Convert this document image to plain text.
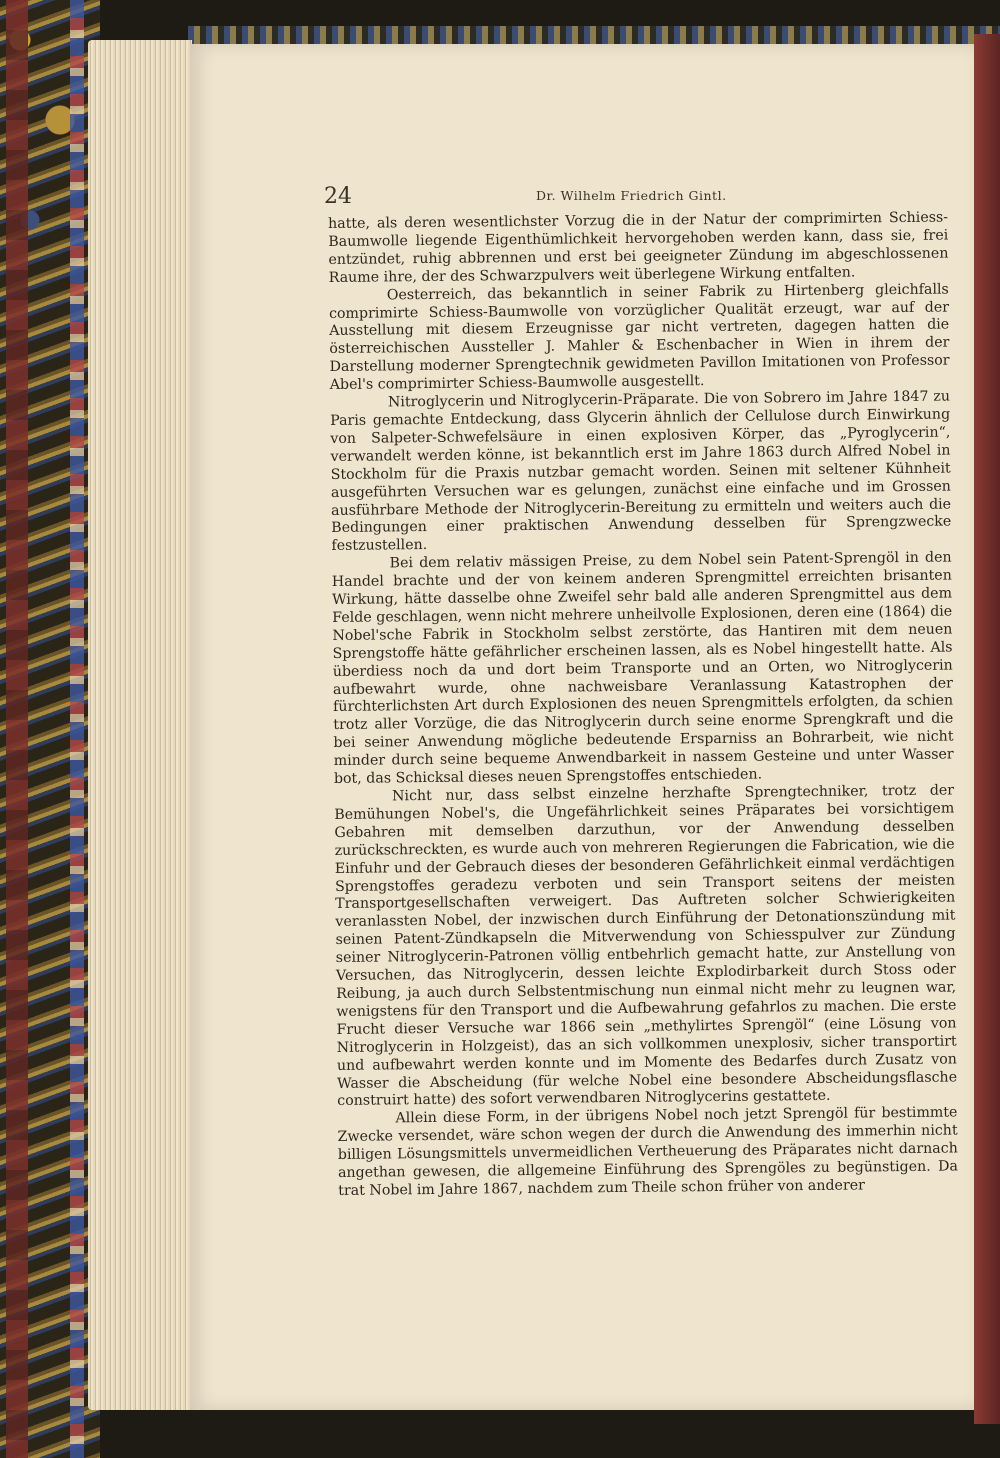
24	Dr. Wilhelm Friedrich Gintl.

hatte, als deren wesentlichster Vorzug die in der Natur der comprimirten Schiess-Baumwolle liegende Eigenthümlichkeit hervorgehoben werden kann, dass sie, frei entzündet, ruhig abbrennen und erst bei geeigneter Zündung im abgeschlossenen Raume ihre, der des Schwarzpulvers weit überlegene Wirkung entfalten.

Oesterreich, das bekanntlich in seiner Fabrik zu Hirtenberg gleichfalls comprimirte Schiess-Baumwolle von vorzüglicher Qualität erzeugt, war auf der Ausstellung mit diesem Erzeugnisse gar nicht vertreten, dagegen hatten die österreichischen Aussteller J. Mahler & Eschenbacher in Wien in ihrem der Darstellung moderner Sprengtechnik gewidmeten Pavillon Imitationen von Professor Abel's comprimirter Schiess-Baumwolle ausgestellt.

Nitroglycerin und Nitroglycerin-Präparate. Die von Sobrero im Jahre 1847 zu Paris gemachte Entdeckung, dass Glycerin ähnlich der Cellulose durch Einwirkung von Salpeter-Schwefelsäure in einen explosiven Körper, das „Pyroglycerin“, verwandelt werden könne, ist bekanntlich erst im Jahre 1863 durch Alfred Nobel in Stockholm für die Praxis nutzbar gemacht worden. Seinen mit seltener Kühnheit ausgeführten Versuchen war es gelungen, zunächst eine einfache und im Grossen ausführbare Methode der Nitroglycerin-Bereitung zu ermitteln und weiters auch die Bedingungen einer praktischen Anwendung desselben für Sprengzwecke festzustellen.

Bei dem relativ mässigen Preise, zu dem Nobel sein Patent-Sprengöl in den Handel brachte und der von keinem anderen Sprengmittel erreichten brisanten Wirkung, hätte dasselbe ohne Zweifel sehr bald alle anderen Sprengmittel aus dem Felde geschlagen, wenn nicht mehrere unheilvolle Explosionen, deren eine (1864) die Nobel'sche Fabrik in Stockholm selbst zerstörte, das Hantiren mit dem neuen Sprengstoffe hätte gefährlicher erscheinen lassen, als es Nobel hingestellt hatte. Als überdiess noch da und dort beim Transporte und an Orten, wo Nitroglycerin aufbewahrt wurde, ohne nachweisbare Veranlassung Katastrophen der fürchterlichsten Art durch Explosionen des neuen Sprengmittels erfolgten, da schien trotz aller Vorzüge, die das Nitroglycerin durch seine enorme Sprengkraft und die bei seiner Anwendung mögliche bedeutende Ersparniss an Bohrarbeit, wie nicht minder durch seine bequeme Anwendbarkeit in nassem Gesteine und unter Wasser bot, das Schicksal dieses neuen Sprengstoffes entschieden.

Nicht nur, dass selbst einzelne herzhafte Sprengtechniker, trotz der Bemühungen Nobel's, die Ungefährlichkeit seines Präparates bei vorsichtigem Gebahren mit demselben darzuthun, vor der Anwendung desselben zurückschreckten, es wurde auch von mehreren Regierungen die Fabrication, wie die Einfuhr und der Gebrauch dieses der besonderen Gefährlichkeit einmal verdächtigen Sprengstoffes geradezu verboten und sein Transport seitens der meisten Transportgesellschaften verweigert. Das Auftreten solcher Schwierigkeiten veranlassten Nobel, der inzwischen durch Einführung der Detonationszündung mit seinen Patent-Zündkapseln die Mitverwendung von Schiesspulver zur Zündung seiner Nitroglycerin-Patronen völlig entbehrlich gemacht hatte, zur Anstellung von Versuchen, das Nitroglycerin, dessen leichte Explodirbarkeit durch Stoss oder Reibung, ja auch durch Selbstentmischung nun einmal nicht mehr zu leugnen war, wenigstens für den Transport und die Aufbewahrung gefahrlos zu machen. Die erste Frucht dieser Versuche war 1866 sein „methylirtes Sprengöl“ (eine Lösung von Nitroglycerin in Holzgeist), das an sich vollkommen unexplosiv, sicher transportirt und aufbewahrt werden konnte und im Momente des Bedarfes durch Zusatz von Wasser die Abscheidung (für welche Nobel eine besondere Abscheidungsflasche construirt hatte) des sofort verwendbaren Nitroglycerins gestattete.

Allein diese Form, in der übrigens Nobel noch jetzt Sprengöl für bestimmte Zwecke versendet, wäre schon wegen der durch die Anwendung des immerhin nicht billigen Lösungsmittels unvermeidlichen Vertheuerung des Präparates nicht darnach angethan gewesen, die allgemeine Einführung des Sprengöles zu begünstigen. Da trat Nobel im Jahre 1867, nachdem zum Theile schon früher von anderer
